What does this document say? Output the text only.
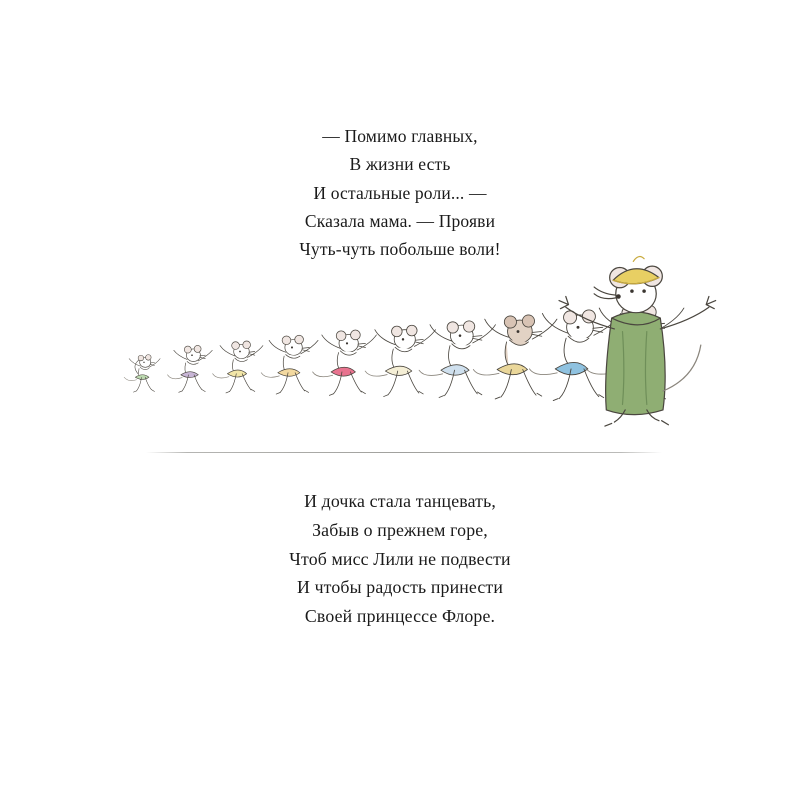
— Помимо главных,
В жизни есть
И остальные роли... —
Сказала мама. — Прояви
Чуть-чуть побольше воли!
И дочка стала танцевать,
Забыв о прежнем горе,
Чтоб мисс Лили не подвести
И чтобы радость принести
Своей принцессе Флоре.
